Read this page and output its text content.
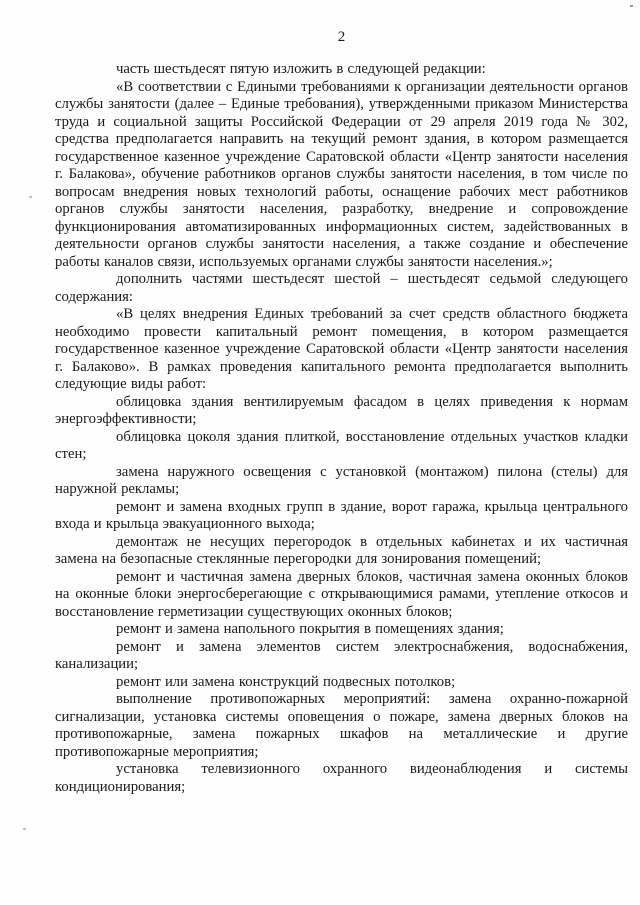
2

часть шестьдесят пятую изложить в следующей редакции:

«В соответствии с Едиными требованиями к организации деятельности органов службы занятости (далее – Единые требования), утвержденными приказом Министерства труда и социальной защиты Российской Федерации от 29 апреля 2019 года № 302, средства предполагается направить на текущий ремонт здания, в котором размещается государственное казенное учреждение Саратовской области «Центр занятости населения г. Балакова», обучение работников органов службы занятости населения, в том числе по вопросам внедрения новых технологий работы, оснащение рабочих мест работников органов службы занятости населения, разработку, внедрение и сопровождение функционирования автоматизированных информационных систем, задействованных в деятельности органов службы занятости населения, а также создание и обеспечение работы каналов связи, используемых органами службы занятости населения.»;

дополнить частями шестьдесят шестой – шестьдесят седьмой следующего содержания:

«В целях внедрения Единых требований за счет средств областного бюджета необходимо провести капитальный ремонт помещения, в котором размещается государственное казенное учреждение Саратовской области «Центр занятости населения г. Балаково». В рамках проведения капитального ремонта предполагается выполнить следующие виды работ:

облицовка здания вентилируемым фасадом в целях приведения к нормам энергоэффективности;

облицовка цоколя здания плиткой, восстановление отдельных участков кладки стен;

замена наружного освещения с установкой (монтажом) пилона (стелы) для наружной рекламы;

ремонт и замена входных групп в здание, ворот гаража, крыльца центрального входа и крыльца эвакуационного выхода;

демонтаж не несущих перегородок в отдельных кабинетах и их частичная замена на безопасные стеклянные перегородки для зонирования помещений;

ремонт и частичная замена дверных блоков, частичная замена оконных блоков на оконные блоки энергосберегающие с открывающимися рамами, утепление откосов и восстановление герметизации существующих оконных блоков;

ремонт и замена напольного покрытия в помещениях здания;

ремонт и замена элементов систем электроснабжения, водоснабжения, канализации;

ремонт или замена конструкций подвесных потолков;

выполнение противопожарных мероприятий: замена охранно-пожарной сигнализации, установка системы оповещения о пожаре, замена дверных блоков на противопожарные, замена пожарных шкафов на металлические и другие противопожарные мероприятия;

установка телевизионного охранного видеонаблюдения и системы кондиционирования;
